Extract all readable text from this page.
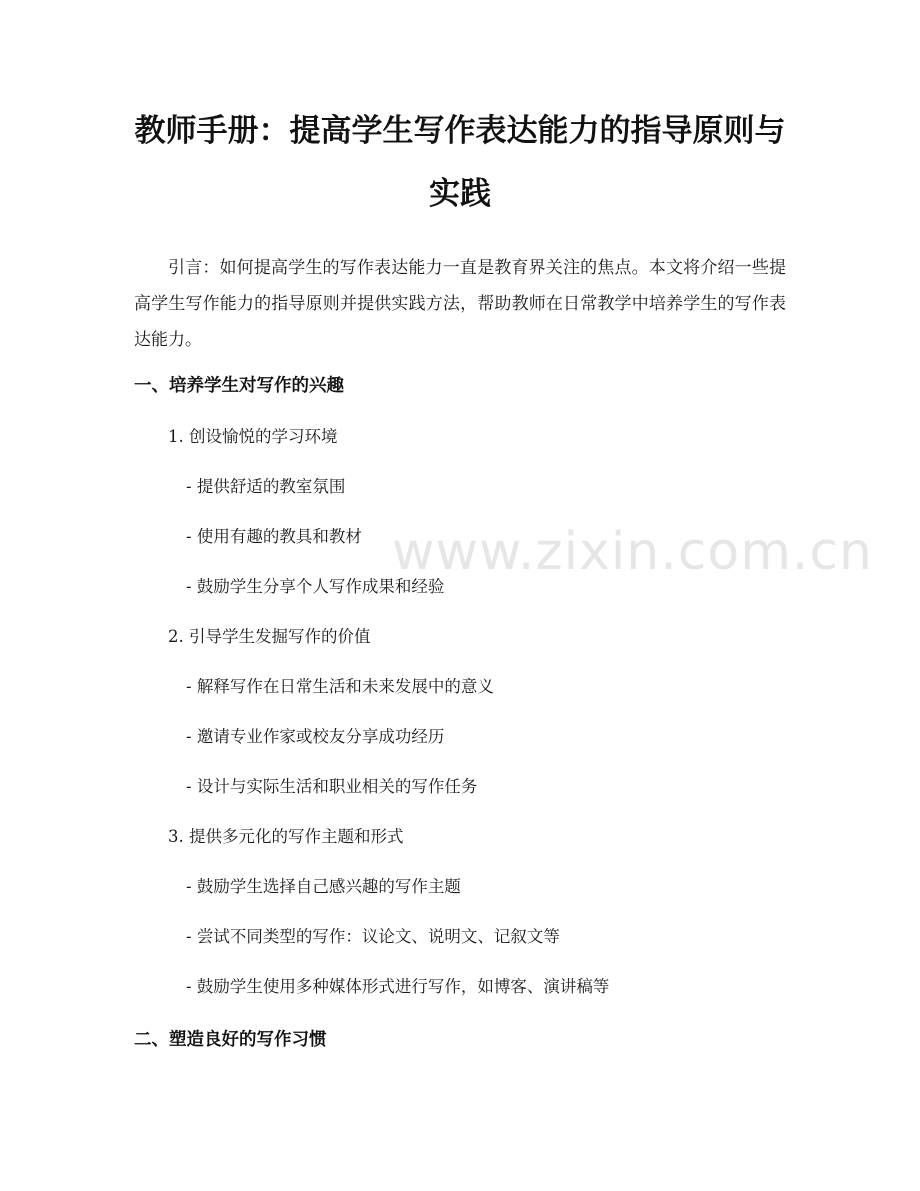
www.zixin.com.cn
教师手册：提高学生写作表达能力的指导原则与实践

引言：如何提高学生的写作表达能力一直是教育界关注的焦点。本文将介绍一些提高学生写作能力的指导原则并提供实践方法，帮助教师在日常教学中培养学生的写作表达能力。

一、培养学生对写作的兴趣

1. 创设愉悦的学习环境

- 提供舒适的教室氛围

- 使用有趣的教具和教材

- 鼓励学生分享个人写作成果和经验

2. 引导学生发掘写作的价值

- 解释写作在日常生活和未来发展中的意义

- 邀请专业作家或校友分享成功经历

- 设计与实际生活和职业相关的写作任务

3. 提供多元化的写作主题和形式

- 鼓励学生选择自己感兴趣的写作主题

- 尝试不同类型的写作：议论文、说明文、记叙文等

- 鼓励学生使用多种媒体形式进行写作，如博客、演讲稿等

二、塑造良好的写作习惯
